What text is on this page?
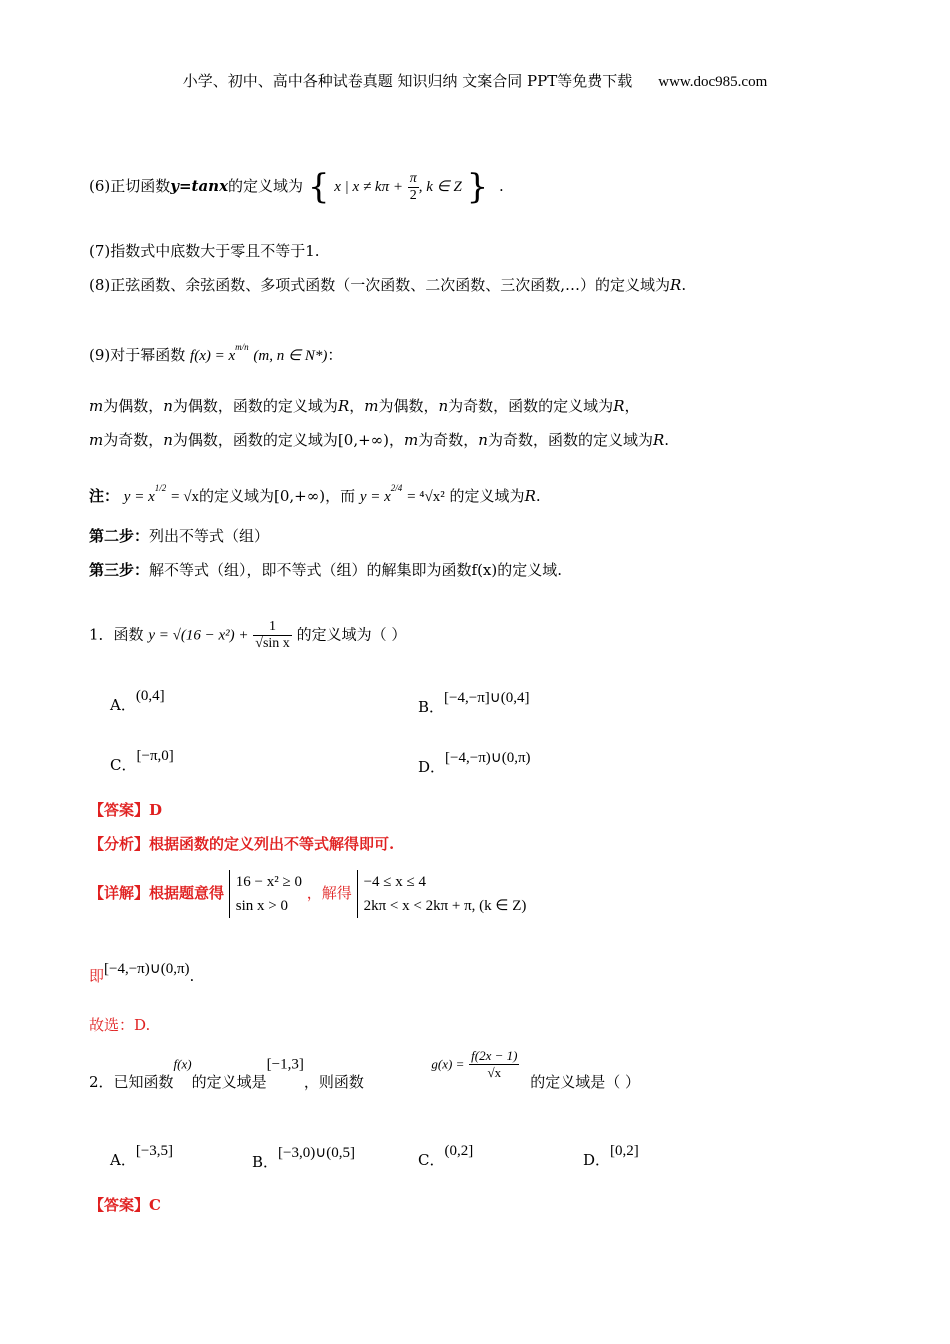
小学、初中、高中各种试卷真题 知识归纳 文案合同 PPT等免费下载 www.doc985.com
(6)正切函数y=tanx的定义域为 { x | $x \ne k\pi + \frac{\pi}{2}$ , k ∈ Z } .
(7)指数式中底数大于零且不等于1.
(8)正弦函数、余弦函数、多项式函数（一次函数、二次函数、三次函数,…）的定义域为R.
(9)对于幂函数 $f(x) = x^{m/n}$ (m, n ∈ N*)：
m为偶数，n为偶数，函数的定义域为R，m为偶数，n为奇数，函数的定义域为R，
m为奇数，n为偶数，函数的定义域为[0,+∞)，m为奇数，n为奇数，函数的定义域为R.
注： $y = x^{1/2} = √x$的定义域为[0,+∞)，而 $y = x^{2/4} = ^4√x^2$ 的定义域为R.
第二步：列出不等式（组）
第三步：解不等式（组），即不等式（组）的解集即为函数f(x)的定义域.
1．函数 $y = √(16 - x^2) + \frac{1}{\text{√sin x}}$ 的定义域为（ ）
A．(0,4]
B．[−4,−π]∪(0,4]
C．[−π,0]
D．[−4,−π)∪(0,π)
【答案】D
【分析】根据函数的定义列出不等式解得即可.
【详解】根据题意得
16 − x² ≥ 0
sin x > 0
，解得
−4 ≤ x ≤ 4
2kπ < x < 2kπ + π, (k ∈ Z)
即[−4,−π)∪(0,π).
故选：D.
2．已知函数f(x)的定义域是[−1,3]，则函数  $g(x) = \frac{f(2x - 1)}{√x}$
的定义域是（ ）
A．[−3,5]
B．[−3,0)∪(0,5]	C．(0,2]	D．[0,2]
【答案】C
